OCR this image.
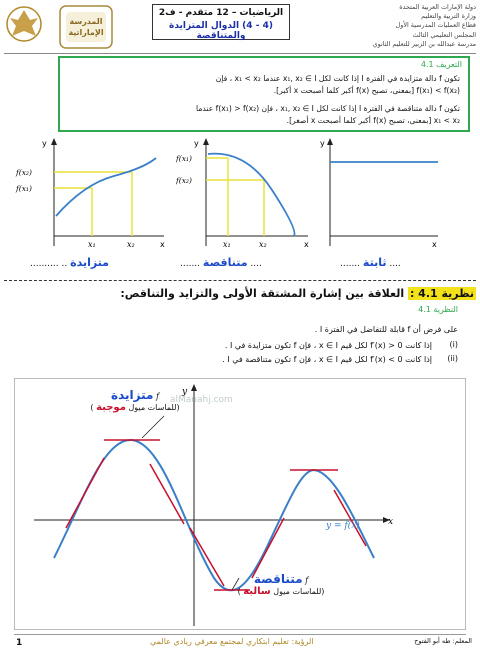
المدرسة الإماراتية
الرياضيات – 12 متقدم - ف2
(4 - 4) الدوال المتزايدة والمتناقصة
دولة الإمارات العربية المتحدة
وزارة التربية والتعليم
قطاع العمليات المدرسية الأول
المجلس التعليمي الثالث
مدرسة عبدالله بن الزبير للتعليم الثانوي
التعريف 4.1
تكون f دالة متزايدة في الفترة I إذا كانت لكل x₁, x₂ ∈ I عندما x₁ < x₂ ، فإن
f(x₁) < f(x₂) [بمعنى، تصبح f(x) أكبر كلما أصبحت x أكبر].
تكون f دالة متناقصة في الفترة I إذا كانت لكل x₁, x₂ ∈ I ، فإن f(x₁) > f(x₂) عندما
x₁ < x₂ [بمعنى، تصبح f(x) أكبر كلما أصبحت x أصغر].
y
f(x₂)
f(x₁)
x₁	x₂	x
y
f(x₁)
f(x₂)
x₁	x₂	x
y
x
.......... .. متزايدة	....... متناقصة ....	....... ثابتة ....
نظرية 4.1 : العلاقة بين إشارة المشتقة الأولى والتزايد والتناقص:
النظرية 4.1
على فرض أن f قابلة للتفاضل في الفترة I .
(i)
إذا كانت f′(x) > 0 لكل قيم x ∈ I ، فإن f تكون متزايدة في I .
(ii)
إذا كانت f′(x) < 0 لكل قيم x ∈ I ، فإن f تكون متناقصة في I .
y = f(x)	x
y
alManahj.com
f متزايدة
(للماسات ميول موجبة )
f متناقصة
(للماسات ميول سالبة )
1	الرؤية: تعليم ابتكاري لمجتمع معرفي ريادي عالمي	المعلم: طه أبو الفتوح
